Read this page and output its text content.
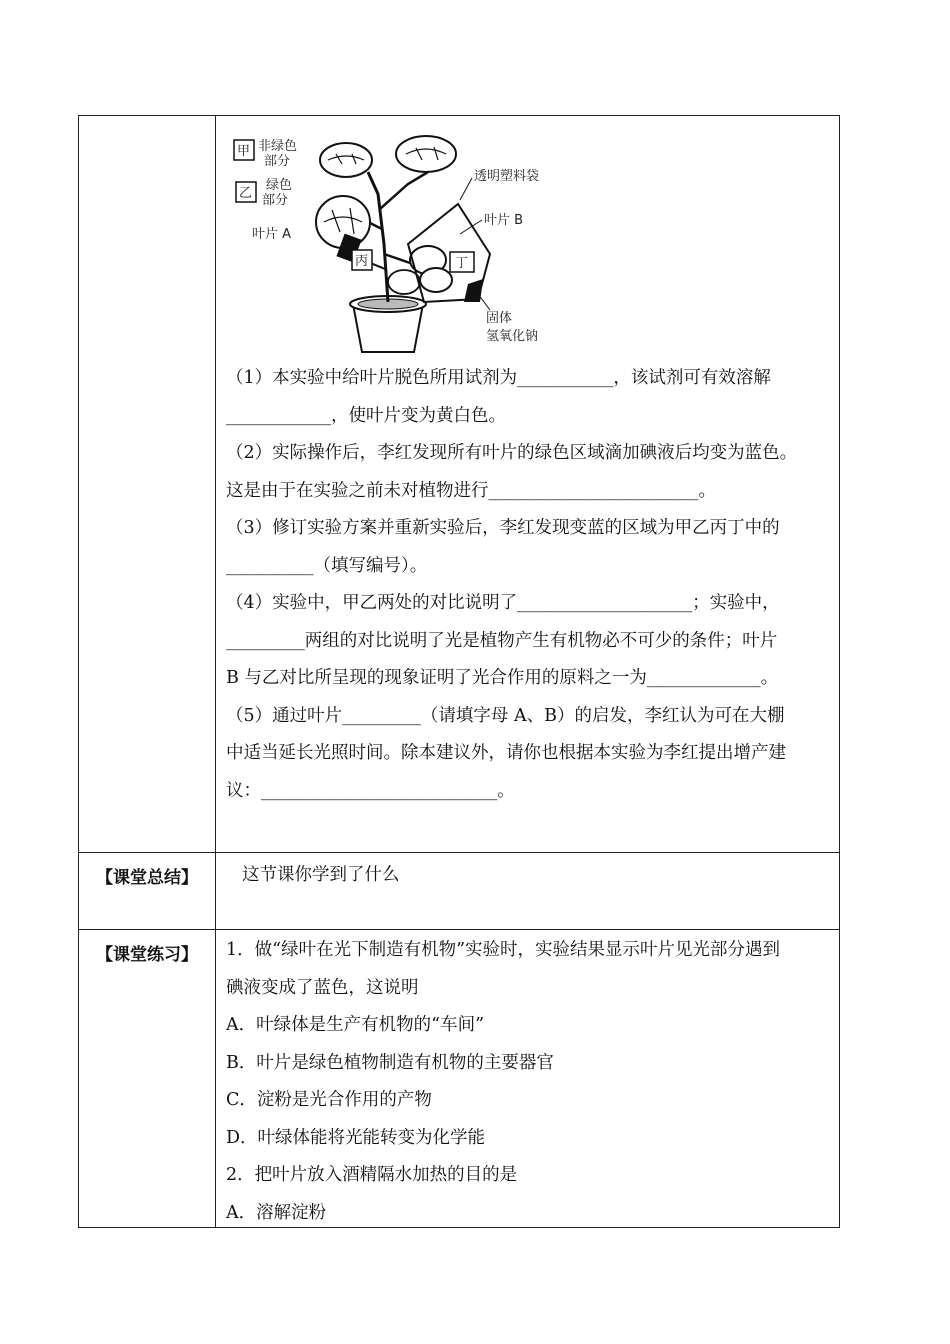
甲 非绿色
部分
乙
绿色
部分
叶片 A
丙	丁
透明塑料袋
叶片 B
固体
氢氧化钠
（1）本实验中给叶片脱色所用试剂为___________，该试剂可有效溶解
____________，使叶片变为黄白色。
（2）实际操作后，李红发现所有叶片的绿色区域滴加碘液后均变为蓝色。
这是由于在实验之前未对植物进行________________________。
（3）修订实验方案并重新实验后，李红发现变蓝的区域为甲乙丙丁中的
__________（填写编号）。
（4）实验中，甲乙两处的对比说明了____________________；实验中，
_________两组的对比说明了光是植物产生有机物必不可少的条件；叶片
B 与乙对比所呈现的现象证明了光合作用的原料之一为_____________。
（5）通过叶片_________（请填字母 A、B）的启发，李红认为可在大棚
中适当延长光照时间。除本建议外，请你也根据本实验为李红提出增产建
议：___________________________。
【课堂总结】	这节课你学到了什么
【课堂练习】	1．做“绿叶在光下制造有机物”实验时，实验结果显示叶片见光部分遇到
碘液变成了蓝色，这说明
A．叶绿体是生产有机物的“车间”
B．叶片是绿色植物制造有机物的主要器官
C．淀粉是光合作用的产物
D．叶绿体能将光能转变为化学能
2．把叶片放入酒精隔水加热的目的是
A．溶解淀粉
